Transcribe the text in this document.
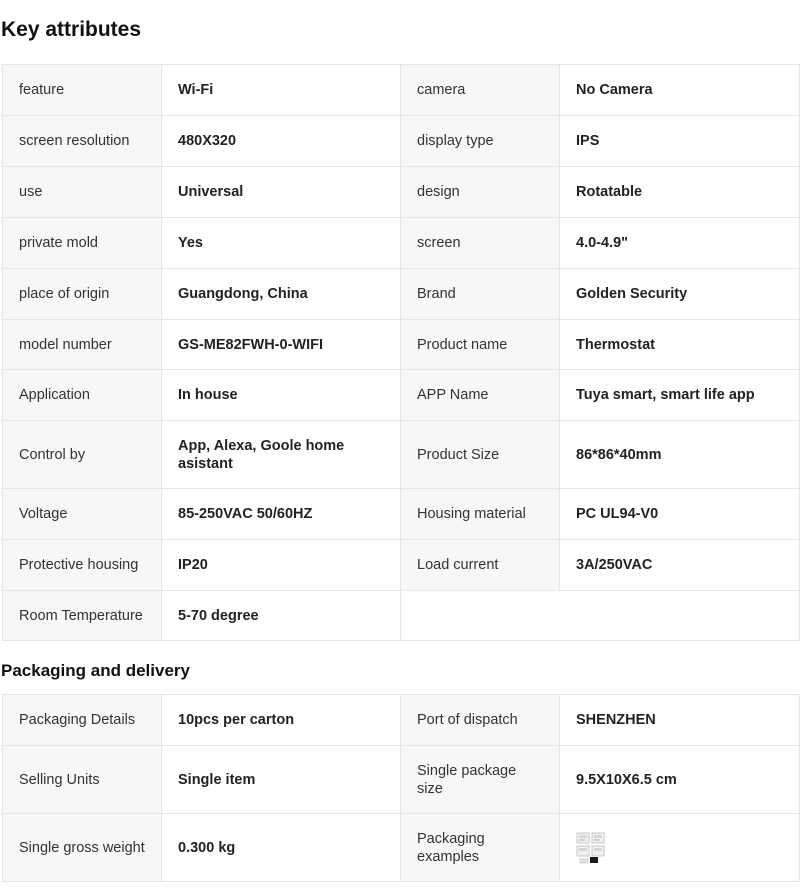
Key attributes
feature	Wi-Fi	camera	No Camera
screen resolution	480X320	display type	IPS
use	Universal	design	Rotatable
private mold	Yes	screen	4.0-4.9"
place of origin	Guangdong, China	Brand	Golden Security
model number	GS-ME82FWH-0-WIFI	Product name	Thermostat
Application	In house	APP Name	Tuya smart, smart life app
Control by	App, Alexa, Goole home asistant	Product Size	86*86*40mm
Voltage	85-250VAC 50/60HZ	Housing material	PC UL94-V0
Protective housing	IP20	Load current	3A/250VAC
Room Temperature	5-70 degree		
Packaging and delivery
Packaging Details	10pcs per carton	Port of dispatch	SHENZHEN
Selling Units	Single item	Single package size	9.5X10X6.5 cm
Single gross weight	0.300 kg	Packaging examples	
